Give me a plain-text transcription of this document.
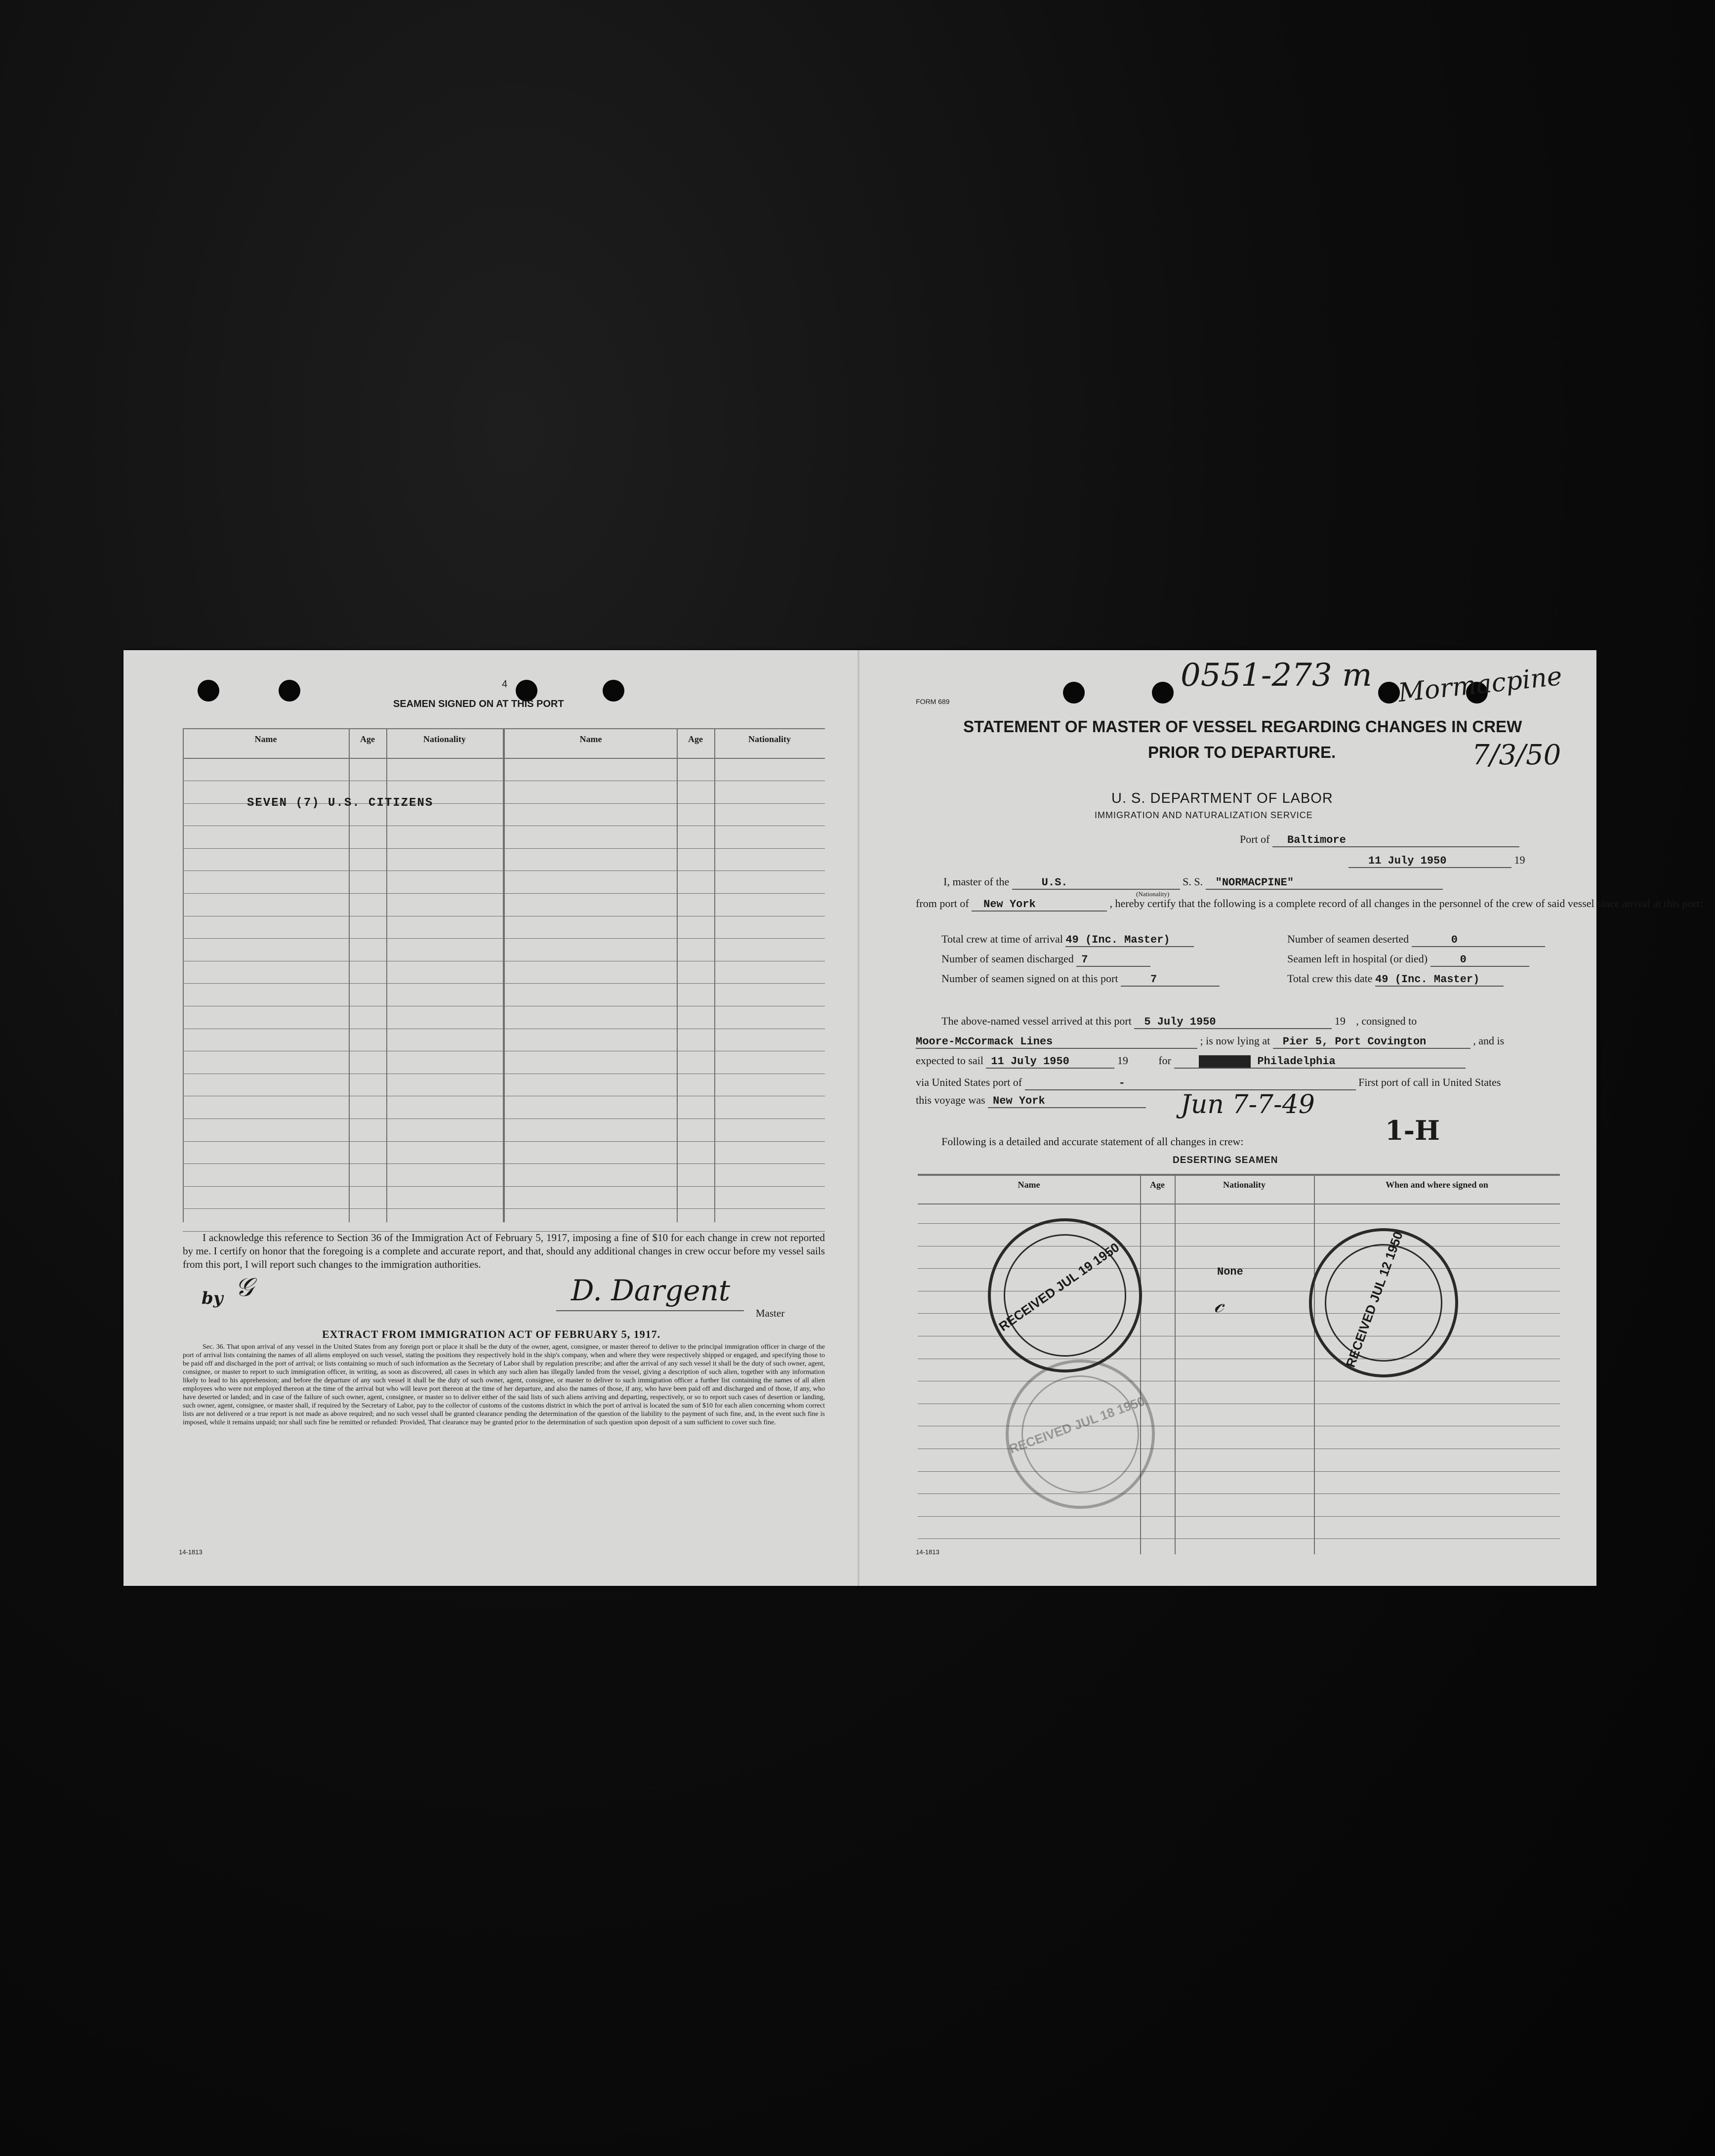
4
SEAMEN SIGNED ON AT THIS PORT
Name	Age	Nationality	Name	Age	Nationality
SEVEN (7) U.S. CITIZENS
I acknowledge this reference to Section 36 of the Immigration Act of February 5, 1917, imposing a fine of $10 for each change in crew not reported by me. I certify on honor that the foregoing is a complete and accurate report, and that, should any additional changes in crew occur before my vessel sails from this port, I will report such changes to the immigration authorities.
D. Dargent
Master
by 𝒢
EXTRACT FROM IMMIGRATION ACT OF FEBRUARY 5, 1917.
Sec. 36. That upon arrival of any vessel in the United States from any foreign port or place it shall be the duty of the owner, agent, consignee, or master thereof to deliver to the principal immigration officer in charge of the port of arrival lists containing the names of all aliens employed on such vessel, stating the positions they respectively hold in the ship's company, when and where they were respectively shipped or engaged, and specifying those to be paid off and discharged in the port of arrival; or lists containing so much of such information as the Secretary of Labor shall by regulation prescribe; and after the arrival of any such vessel it shall be the duty of such owner, agent, consignee, or master to report to such immigration officer, in writing, as soon as discovered, all cases in which any such alien has illegally landed from the vessel, giving a description of such alien, together with any information likely to lead to his apprehension; and before the departure of any such vessel it shall be the duty of such owner, agent, consignee, or master to deliver to such immigration officer a further list containing the names of all alien employees who were not employed thereon at the time of the arrival but who will leave port thereon at the time of her departure, and also the names of those, if any, who have been paid off and discharged and of those, if any, who have deserted or landed; and in case of the failure of such owner, agent, consignee, or master so to deliver either of the said lists of such aliens arriving and departing, respectively, or so to report such cases of desertion or landing, such owner, agent, consignee, or master shall, if required by the Secretary of Labor, pay to the collector of customs of the customs district in which the port of arrival is located the sum of $10 for each alien concerning whom correct lists are not delivered or a true report is not made as above required; and no such vessel shall be granted clearance pending the determination of the question of the liability to the payment of such fine, and, in the event such fine is imposed, while it remains unpaid; nor shall such fine be remitted or refunded: Provided, That clearance may be granted prior to the determination of such question upon deposit of a sum sufficient to cover such fine.
14-1813
FORM 689
0551-273 m Mormacpine
7/3/50
STATEMENT OF MASTER OF VESSEL REGARDING CHANGES IN CREW
PRIOR TO DEPARTURE.
U. S. DEPARTMENT OF LABOR
IMMIGRATION AND NATURALIZATION SERVICE
Port of Baltimore
11 July 1950	19
I, master of the	U.S.	S. S. "NORMACPINE"
(Nationality)
from port of New York	, hereby certify that the following is a complete record of all changes in the personnel of the crew of said vessel since arrival at this port:
Total crew at time of arrival 49 (Inc. Master)
Number of seamen discharged 7
Number of seamen signed on at this port	7
Number of seamen deserted	0
Seamen left in hospital (or died)	0
Total crew this date 49 (Inc. Master)
The above-named vessel arrived at this port 5 July 1950	19 , consigned to
Moore-McCormack Lines	; is now lying at Pier 5, Port Covington	, and is
expected to sail 11 July 1950	19	for	XXXXXXXX Philadelphia
via United States port of	-	First port of call in United States
this voyage was New York	Jun 7-7-49
1-H
Following is a detailed and accurate statement of all changes in crew:
DESERTING SEAMEN
Name	Age	Nationality	When and where signed on
None
𝒸
RECEIVED JUL 19 1950	RECEIVED JUL 12 1950
RECEIVED JUL 18 1950
14-1813
